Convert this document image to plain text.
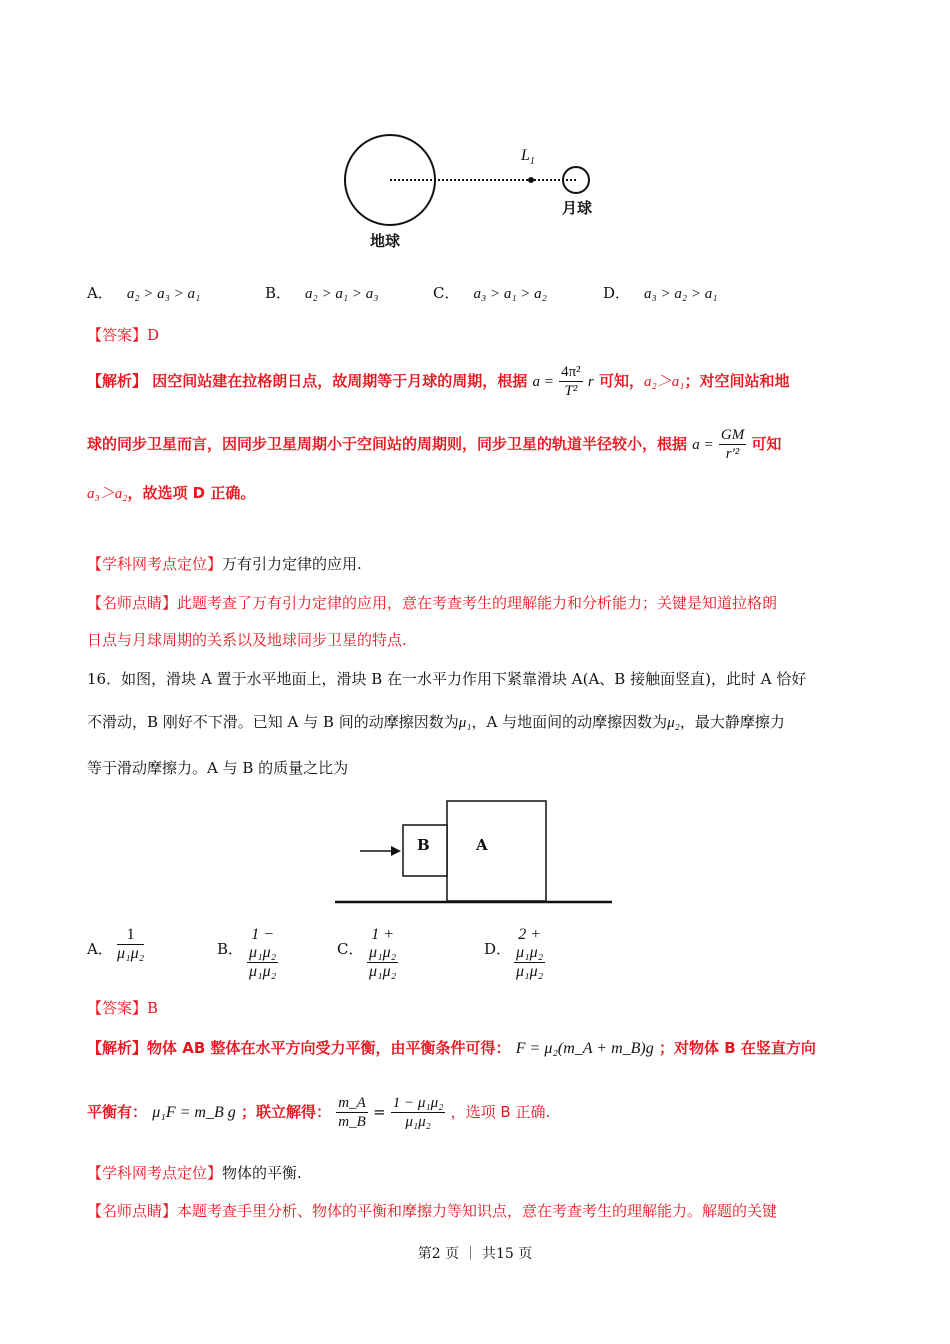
$L_1$
月球
地球
A． a₂ > a₃ > a₁	B． a₂ > a₁ > a₃	C． a₃ > a₁ > a₂	D． a₃ > a₂ > a₁
【答案】D
【解析】 因空间站建在拉格朗日点，故周期等于月球的周期，根据 $a = \frac{\text{4π²}}{\text{T²}}$ r 可知，a₂＞a₁；对空间站和地
球的同步卫星而言，因同步卫星周期小于空间站的周期则，同步卫星的轨道半径较小，根据 $a = \frac{GM}{\text{r'²}}$ 可知
a₃＞a₂，故选项 D 正确。
【学科网考点定位】万有引力定律的应用.
【名师点睛】此题考查了万有引力定律的应用，意在考查考生的理解能力和分析能力；关键是知道拉格朗
日点与月球周期的关系以及地球同步卫星的特点.
16．如图，滑块 A 置于水平地面上，滑块 B 在一水平力作用下紧靠滑块 A(A、B 接触面竖直)，此时 A 恰好
不滑动，B 刚好不下滑。已知 A 与 B 间的动摩擦因数为μ₁，A 与地面间的动摩擦因数为μ₂，最大静摩擦力
等于滑动摩擦力。A 与 B 的质量之比为
B	A
A． $\frac{1}{\text{μ₁μ₂}}$	B． $\frac{\text{1 − μ₁μ₂}}{\text{μ₁μ₂}}$	C． $\frac{\text{1 + μ₁μ₂}}{\text{μ₁μ₂}}$	D． $\frac{\text{2 + μ₁μ₂}}{\text{μ₁μ₂}}$
【答案】B
【解析】物体 AB 整体在水平方向受力平衡，由平衡条件可得： F = μ₂(m_A + m_B)g ；对物体 B 在竖直方向
平衡有： μ₁F = m_B g ；联立解得： $\frac{m\_A}{m\_B} = \frac{\text{1 − μ₁μ₂}}{\text{μ₁μ₂}}$ ，选项 B 正确.
【学科网考点定位】物体的平衡.
【名师点睛】本题考查手里分析、物体的平衡和摩擦力等知识点，意在考查考生的理解能力。解题的关键
第2 页 ｜ 共15 页
